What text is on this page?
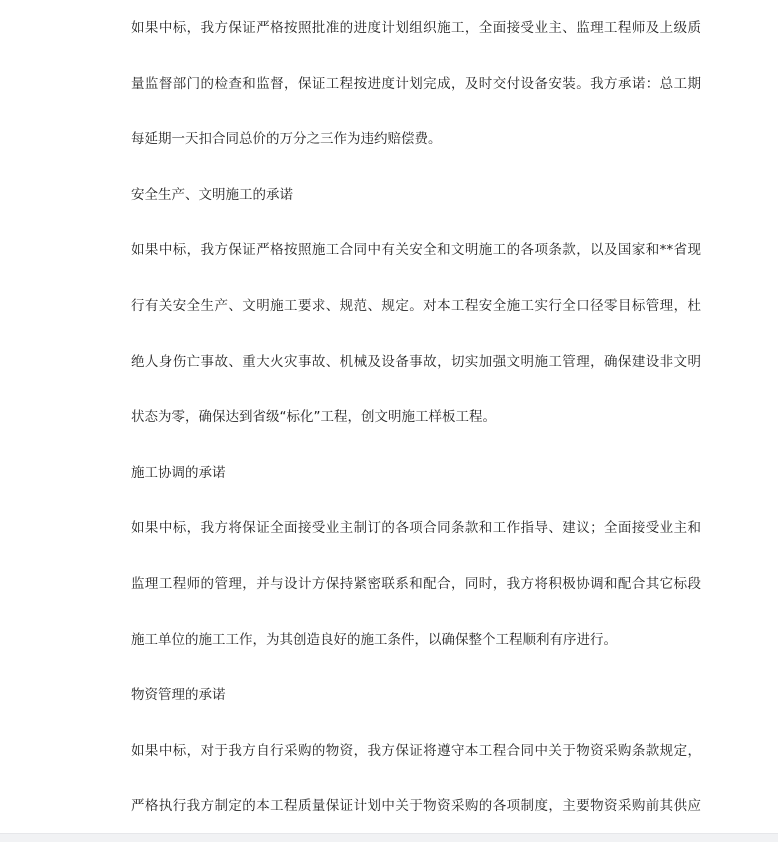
如果中标，我方保证严格按照批准的进度计划组织施工，全面接受业主、监理工程师及上级质
量监督部门的检查和监督，保证工程按进度计划完成，及时交付设备安装。我方承诺：总工期
每延期一天扣合同总价的万分之三作为违约赔偿费。
安全生产、文明施工的承诺
如果中标，我方保证严格按照施工合同中有关安全和文明施工的各项条款，以及国家和**省现
行有关安全生产、文明施工要求、规范、规定。对本工程安全施工实行全口径零目标管理，杜
绝人身伤亡事故、重大火灾事故、机械及设备事故，切实加强文明施工管理，确保建设非文明
状态为零，确保达到省级“标化”工程，创文明施工样板工程。
施工协调的承诺
如果中标，我方将保证全面接受业主制订的各项合同条款和工作指导、建议；全面接受业主和
监理工程师的管理，并与设计方保持紧密联系和配合，同时，我方将积极协调和配合其它标段
施工单位的施工工作，为其创造良好的施工条件，以确保整个工程顺利有序进行。
物资管理的承诺
如果中标，对于我方自行采购的物资，我方保证将遵守本工程合同中关于物资采购条款规定，
严格执行我方制定的本工程质量保证计划中关于物资采购的各项制度，主要物资采购前其供应
